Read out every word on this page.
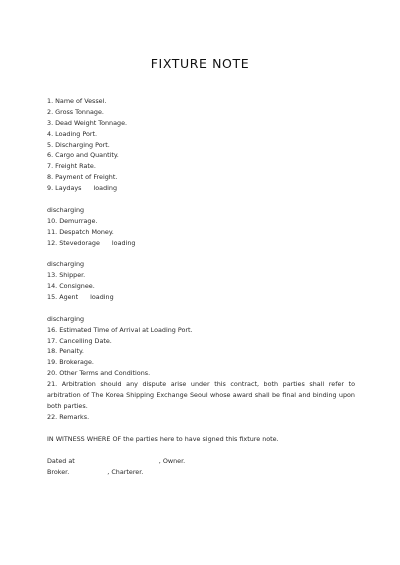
FIXTURE NOTE
1. Name of Vessel.
2. Gross Tonnage.
3. Dead Weight Tonnage.
4. Loading Port.
5. Discharging Port.
6. Cargo and Quantity.
7. Freight Rate.
8. Payment of Freight.
9. Laydays loading
discharging
10. Demurrage.
11. Despatch Money.
12. Stevedorage loading
discharging
13. Shipper.
14. Consignee.
15. Agent loading
discharging
16. Estimated Time of Arrival at Loading Port.
17. Cancelling Date.
18. Penalty.
19. Brokerage.
20. Other Terms and Conditions.
21. Arbitration should any dispute arise under this contract, both parties shall refer to arbitration of The Korea Shipping Exchange Seoul whose award shall be final and binding upon both parties.
22. Remarks.
IN WITNESS WHERE OF the parties here to have signed this fixture note.
Dated at	, Owner.
Broker.	, Charterer.
